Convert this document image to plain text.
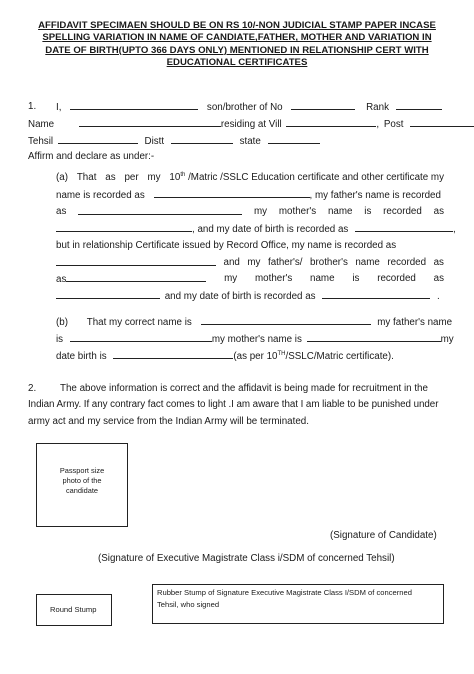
AFFIDAVIT SPECIMAEN SHOULD BE ON RS 10/-NON JUDICIAL STAMP PAPER INCASE
SPELLING VARIATION IN NAME OF CANDIATE,FATHER, MOTHER AND VARIATION IN
DATE OF BIRTH(UPTO 366 DAYS ONLY) MENTIONED IN RELATIONSHIP CERT WITH
EDUCATIONAL CERTIFICATES
1. I,	son/brother of No	Rank
Name	residing at Vill	, Post
Tehsil	Distt	state
Affirm and declare as under:-
(a) That as per my 10th /Matric /SSLC Education certificate and other certificate my
name is recorded as	, my father's name is recorded
as	my mother's name is recorded as
, and my date of birth is recorded as	,
but in relationship Certificate issued by Record Office, my name is recorded as
and my father's/ brother's name recorded as
as	my mother's name is recorded as
and my date of birth is recorded as	.
(b) That my correct name is	my father's name
is	my mother's name is	my
date birth is	(as per 10TH/SSLC/Matric certificate).
2. The above information is correct and the affidavit is being made for recruitment in the
Indian Army. If any contrary fact comes to light .I am aware that I am liable to be punished under
army act and my service from the Indian Army will be terminated.
Passport size
photo of the
candidate
(Signature of Candidate)
(Signature of Executive Magistrate Class i/SDM of concerned Tehsil)
Round Stump
Rubber Stump of Signature Executive Magistrate Class I/SDM of concerned
Tehsil, who signed
